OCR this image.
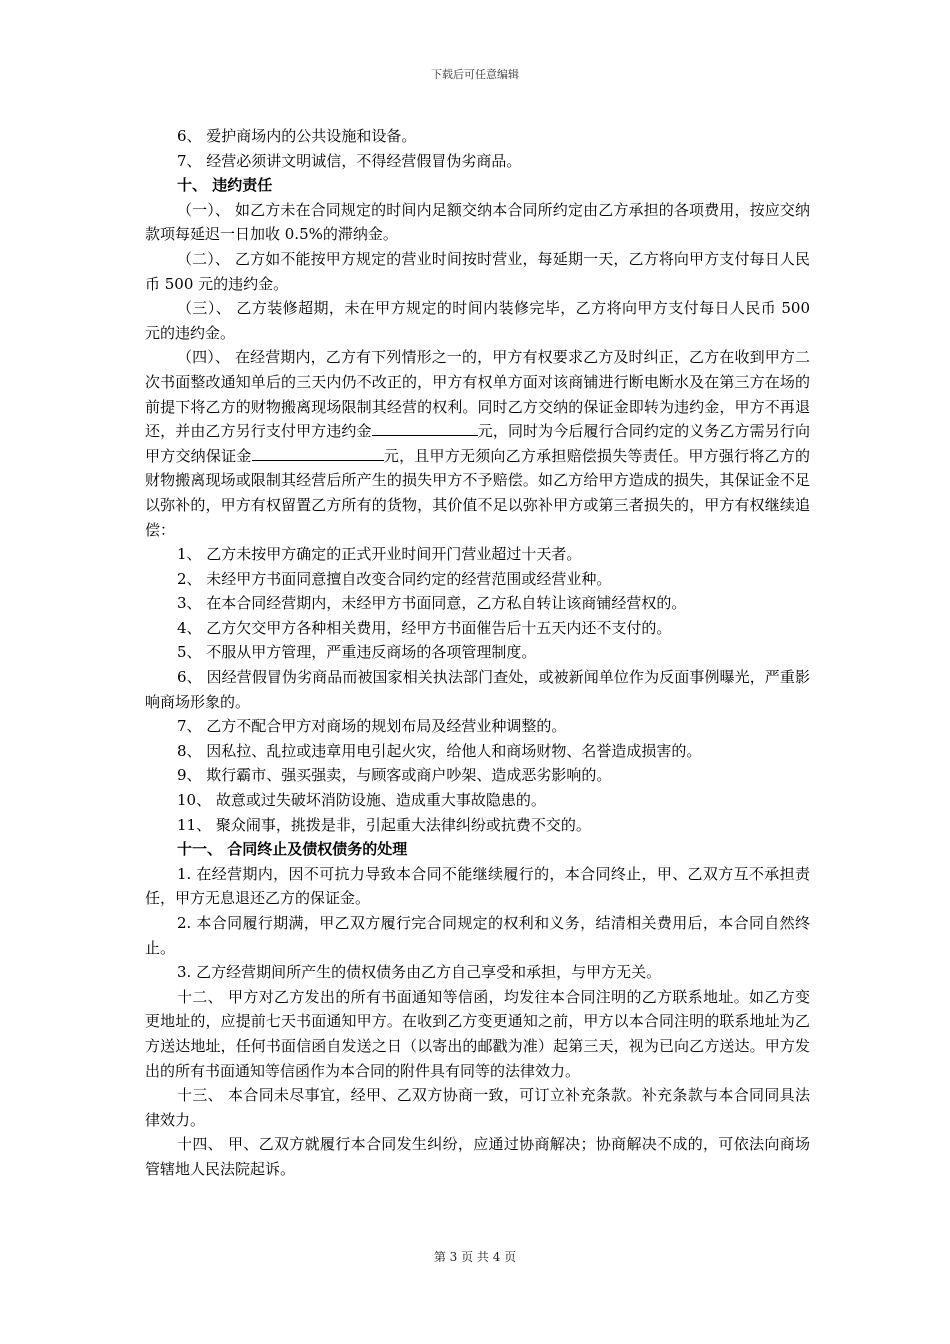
下载后可任意编辑

6、 爱护商场内的公共设施和设备。

7、 经营必须讲文明诚信，不得经营假冒伪劣商品。

十、 违约责任

（一）、 如乙方未在合同规定的时间内足额交纳本合同所约定由乙方承担的各项费用，按应交纳款项每延迟一日加收 0.5%的滞纳金。

（二）、 乙方如不能按甲方规定的营业时间按时营业，每延期一天，乙方将向甲方支付每日人民币 500 元的违约金。

（三）、 乙方装修超期，未在甲方规定的时间内装修完毕，乙方将向甲方支付每日人民币 500 元的违约金。

（四）、 在经营期内，乙方有下列情形之一的，甲方有权要求乙方及时纠正，乙方在收到甲方二次书面整改通知单后的三天内仍不改正的，甲方有权单方面对该商铺进行断电断水及在第三方在场的前提下将乙方的财物搬离现场限制其经营的权利。同时乙方交纳的保证金即转为违约金，甲方不再退还，并由乙方另行支付甲方违约金	元，同时为今后履行合同约定的义务乙方需另行向甲方交纳保证金	元，且甲方无须向乙方承担赔偿损失等责任。甲方强行将乙方的财物搬离现场或限制其经营后所产生的损失甲方不予赔偿。如乙方给甲方造成的损失，其保证金不足以弥补的，甲方有权留置乙方所有的货物，其价值不足以弥补甲方或第三者损失的，甲方有权继续追偿：

1、 乙方未按甲方确定的正式开业时间开门营业超过十天者。

2、 未经甲方书面同意擅自改变合同约定的经营范围或经营业种。

3、 在本合同经营期内，未经甲方书面同意，乙方私自转让该商铺经营权的。

4、 乙方欠交甲方各种相关费用，经甲方书面催告后十五天内还不支付的。

5、 不服从甲方管理，严重违反商场的各项管理制度。

6、 因经营假冒伪劣商品而被国家相关执法部门查处，或被新闻单位作为反面事例曝光，严重影响商场形象的。

7、 乙方不配合甲方对商场的规划布局及经营业种调整的。

8、 因私拉、乱拉或违章用电引起火灾，给他人和商场财物、名誉造成损害的。

9、 欺行霸市、强买强卖，与顾客或商户吵架、造成恶劣影响的。

10、 故意或过失破坏消防设施、造成重大事故隐患的。

11、 聚众闹事，挑拨是非，引起重大法律纠纷或抗费不交的。

十一、 合同终止及债权债务的处理

1. 在经营期内，因不可抗力导致本合同不能继续履行的，本合同终止，甲、乙双方互不承担责任，甲方无息退还乙方的保证金。

2. 本合同履行期满，甲乙双方履行完合同规定的权利和义务，结清相关费用后，本合同自然终止。

3. 乙方经营期间所产生的债权债务由乙方自己享受和承担，与甲方无关。

十二、 甲方对乙方发出的所有书面通知等信函，均发往本合同注明的乙方联系地址。如乙方变更地址的，应提前七天书面通知甲方。在收到乙方变更通知之前，甲方以本合同注明的联系地址为乙方送达地址，任何书面信函自发送之日（以寄出的邮戳为准）起第三天，视为已向乙方送达。甲方发出的所有书面通知等信函作为本合同的附件具有同等的法律效力。

十三、 本合同未尽事宜，经甲、乙双方协商一致，可订立补充条款。补充条款与本合同同具法律效力。

十四、 甲、乙双方就履行本合同发生纠纷，应通过协商解决；协商解决不成的，可依法向商场管辖地人民法院起诉。

第 3 页 共 4 页
